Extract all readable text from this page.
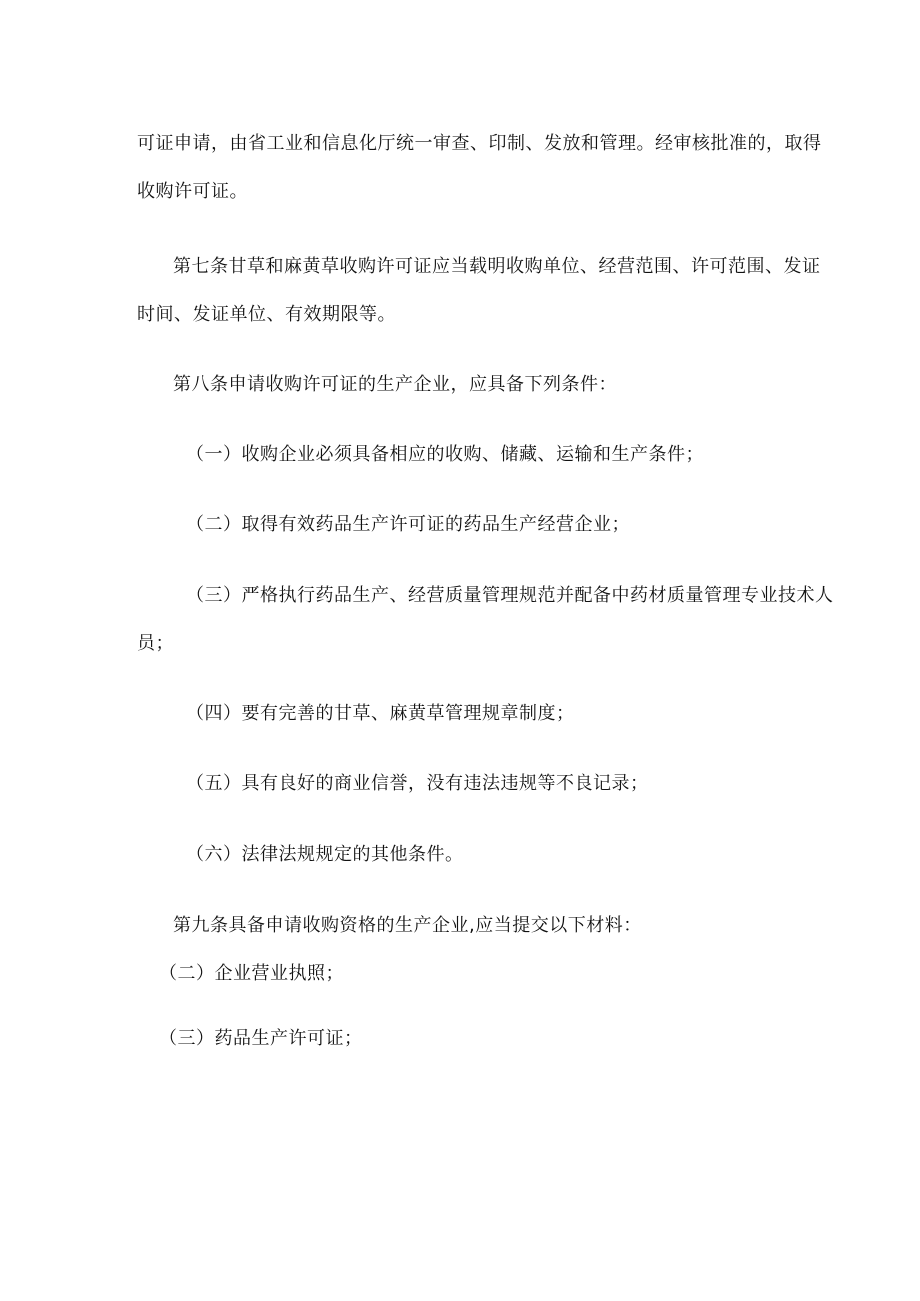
可证申请，由省工业和信息化厅统一审查、印制、发放和管理。经审核批准的，取得
收购许可证。
第七条甘草和麻黄草收购许可证应当载明收购单位、经营范围、许可范围、发证
时间、发证单位、有效期限等。
第八条申请收购许可证的生产企业，应具备下列条件：
（一）收购企业必须具备相应的收购、储藏、运输和生产条件；
（二）取得有效药品生产许可证的药品生产经营企业；
（三）严格执行药品生产、经营质量管理规范并配备中药材质量管理专业技术人
员；
（四）要有完善的甘草、麻黄草管理规章制度；
（五）具有良好的商业信誉，没有违法违规等不良记录；
（六）法律法规规定的其他条件。
第九条具备申请收购资格的生产企业,应当提交以下材料：
（二）企业营业执照；
（三）药品生产许可证；
